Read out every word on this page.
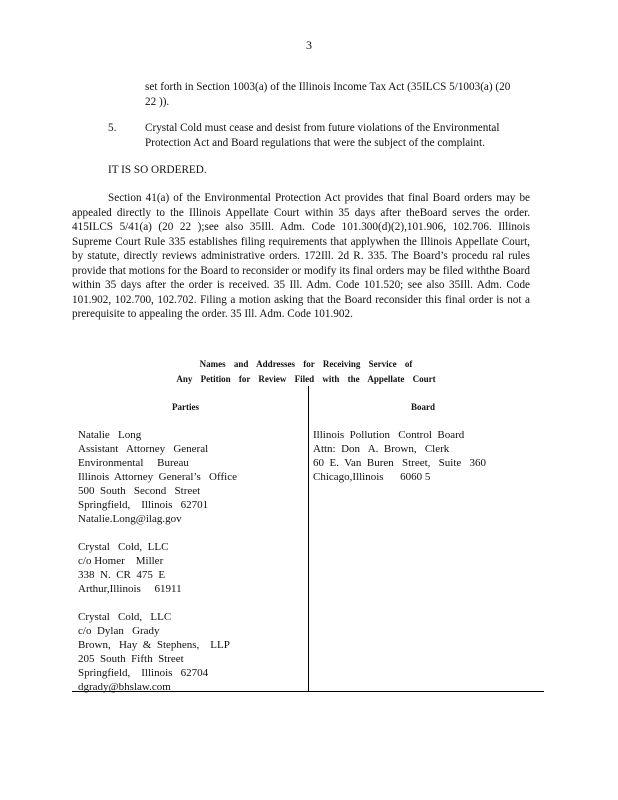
3
set forth in Section 1003(a) of the Illinois Income Tax Act (35ILCS 5/1003(a) (20 22 )).
5.	Crystal Cold must cease and desist from future violations of the Environmental Protection Act and Board regulations that were the subject of the complaint.
IT IS SO ORDERED.
Section 41(a) of the Environmental Protection Act provides that final Board orders may be appealed directly to the Illinois Appellate Court within 35 days after theBoard serves the order. 415ILCS 5/41(a) (20 22 );see also 35Ill. Adm. Code 101.300(d)(2),101.906, 102.706. Illinois Supreme Court Rule 335 establishes filing requirements that applywhen the Illinois Appellate Court, by statute, directly reviews administrative orders. 172Ill. 2d R. 335. The Board’s procedu ral rules provide that motions for the Board to reconsider or modify its final orders may be filed withthe Board within 35 days after the order is received. 35 Ill. Adm. Code 101.520; see also 35Ill. Adm. Code 101.902, 102.700, 102.702. Filing a motion asking that the Board reconsider this final order is not a prerequisite to appealing the order. 35 Ill. Adm. Code 101.902.
Names and Addresses for Receiving Service of
Any Petition for Review Filed with the Appellate Court
Parties	Board
Natalie   Long
Assistant   Attorney   General
Environmental     Bureau
Illinois  Attorney  General’s   Office
500  South   Second   Street
Springfield,    Illinois   62701
Natalie.Long@ilag.gov
Crystal   Cold,  LLC
c/o Homer    Miller
338  N.  CR  475  E
Arthur,Illinois     61911
Crystal   Cold,   LLC
c/o  Dylan   Grady
Brown,   Hay  &  Stephens,    LLP
205  South  Fifth  Street
Springfield,    Illinois   62704
dgrady@bhslaw.com
Illinois  Pollution   Control  Board
Attn:  Don   A.  Brown,   Clerk
60  E.  Van  Buren   Street,   Suite   360
Chicago,Illinois      6060 5
